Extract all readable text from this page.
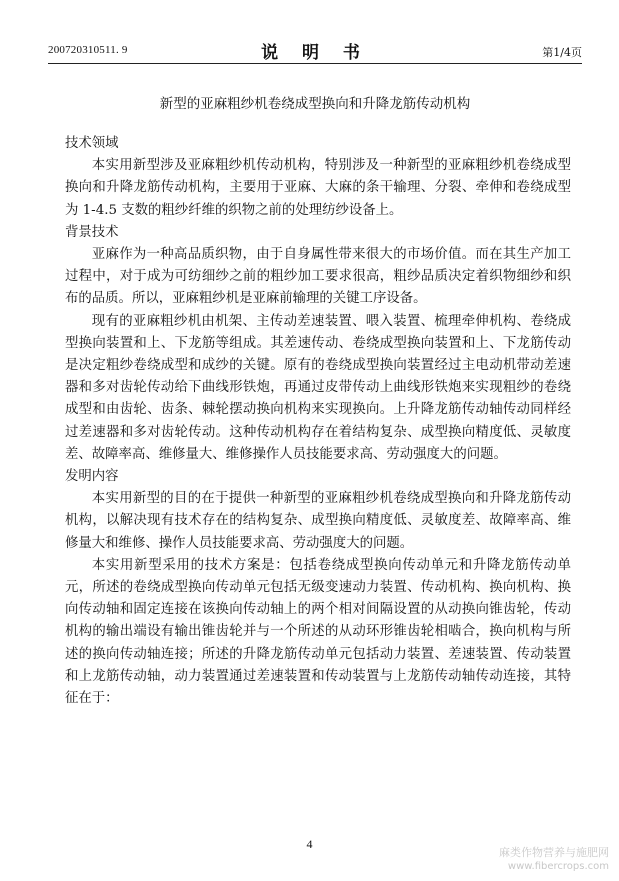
200720310511. 9	说 明 书	第1/4页
新型的亚麻粗纱机卷绕成型换向和升降龙筋传动机构
技术领域

本实用新型涉及亚麻粗纱机传动机构，特别涉及一种新型的亚麻粗纱机卷绕成型换向和升降龙筋传动机构，主要用于亚麻、大麻的条干输理、分裂、牵伸和卷绕成型为 1-4.5 支数的粗纱纤维的织物之前的处理纺纱设备上。

背景技术

亚麻作为一种高品质织物，由于自身属性带来很大的市场价值。而在其生产加工过程中，对于成为可纺细纱之前的粗纱加工要求很高，粗纱品质决定着织物细纱和织布的品质。所以，亚麻粗纱机是亚麻前输理的关键工序设备。

现有的亚麻粗纱机由机架、主传动差速装置、喂入装置、梳理牵伸机构、卷绕成型换向装置和上、下龙筋等组成。其差速传动、卷绕成型换向装置和上、下龙筋传动是决定粗纱卷绕成型和成纱的关键。原有的卷绕成型换向装置经过主电动机带动差速器和多对齿轮传动给下曲线形铁炮，再通过皮带传动上曲线形铁炮来实现粗纱的卷绕成型和由齿轮、齿条、棘轮摆动换向机构来实现换向。上升降龙筋传动轴传动同样经过差速器和多对齿轮传动。这种传动机构存在着结构复杂、成型换向精度低、灵敏度差、故障率高、维修量大、维修操作人员技能要求高、劳动强度大的问题。

发明内容

本实用新型的目的在于提供一种新型的亚麻粗纱机卷绕成型换向和升降龙筋传动机构，以解决现有技术存在的结构复杂、成型换向精度低、灵敏度差、故障率高、维修量大和维修、操作人员技能要求高、劳动强度大的问题。

本实用新型采用的技术方案是：包括卷绕成型换向传动单元和升降龙筋传动单元，所述的卷绕成型换向传动单元包括无级变速动力装置、传动机构、换向机构、换向传动轴和固定连接在该换向传动轴上的两个相对间隔设置的从动换向锥齿轮，传动机构的输出端设有输出锥齿轮并与一个所述的从动环形锥齿轮相啮合，换向机构与所述的换向传动轴连接；所述的升降龙筋传动单元包括动力装置、差速装置、传动装置和上龙筋传动轴，动力装置通过差速装置和传动装置与上龙筋传动轴传动连接，其特征在于：

4
麻类作物营养与施肥网
www.fibercrops.com
